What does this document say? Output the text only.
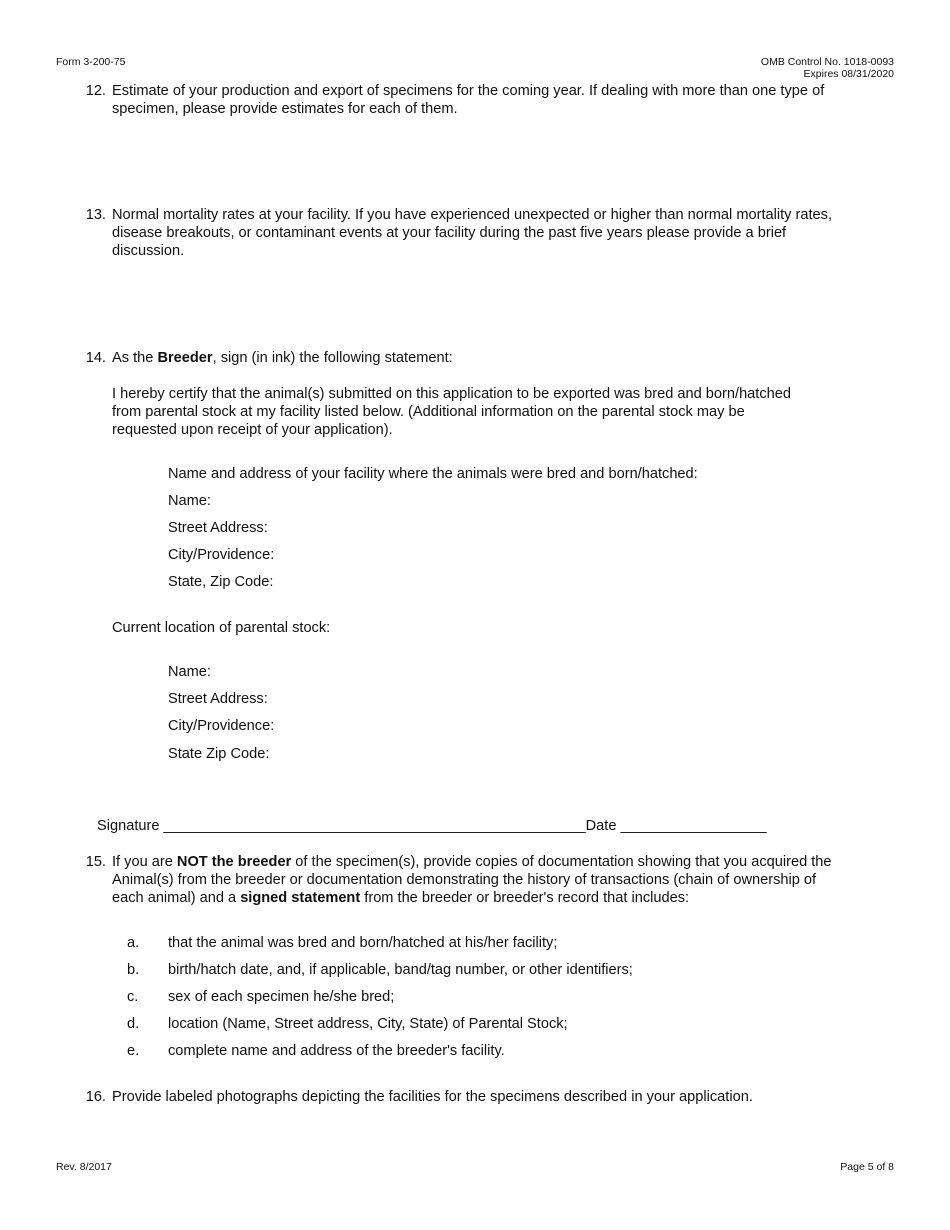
Form 3-200-75	OMB Control No. 1018-0093
Expires 08/31/2020
12. Estimate of your production and export of specimens for the coming year. If dealing with more than one type of
specimen, please provide estimates for each of them.
13. Normal mortality rates at your facility. If you have experienced unexpected or higher than normal mortality rates,
disease breakouts, or contaminant events at your facility during the past five years please provide a brief
discussion.
14. As the Breeder, sign (in ink) the following statement:
I hereby certify that the animal(s) submitted on this application to be exported was bred and born/hatched
from parental stock at my facility listed below. (Additional information on the parental stock may be
requested upon receipt of your application).
Name and address of your facility where the animals were bred and born/hatched:
Name:
Street Address:
City/Providence:
State, Zip Code:
Current location of parental stock:
Name:
Street Address:
City/Providence:
State Zip Code:
Signature ____________________________________________________Date __________________
15. If you are NOT the breeder of the specimen(s), provide copies of documentation showing that you acquired the
Animal(s) from the breeder or documentation demonstrating the history of transactions (chain of ownership of
each animal) and a signed statement from the breeder or breeder's record that includes:
a.	that the animal was bred and born/hatched at his/her facility;
b.	birth/hatch date, and, if applicable, band/tag number, or other identifiers;
c.	sex of each specimen he/she bred;
d.	location (Name, Street address, City, State) of Parental Stock;
e.	complete name and address of the breeder's facility.
16. Provide labeled photographs depicting the facilities for the specimens described in your application.
Rev. 8/2017	Page 5 of 8
